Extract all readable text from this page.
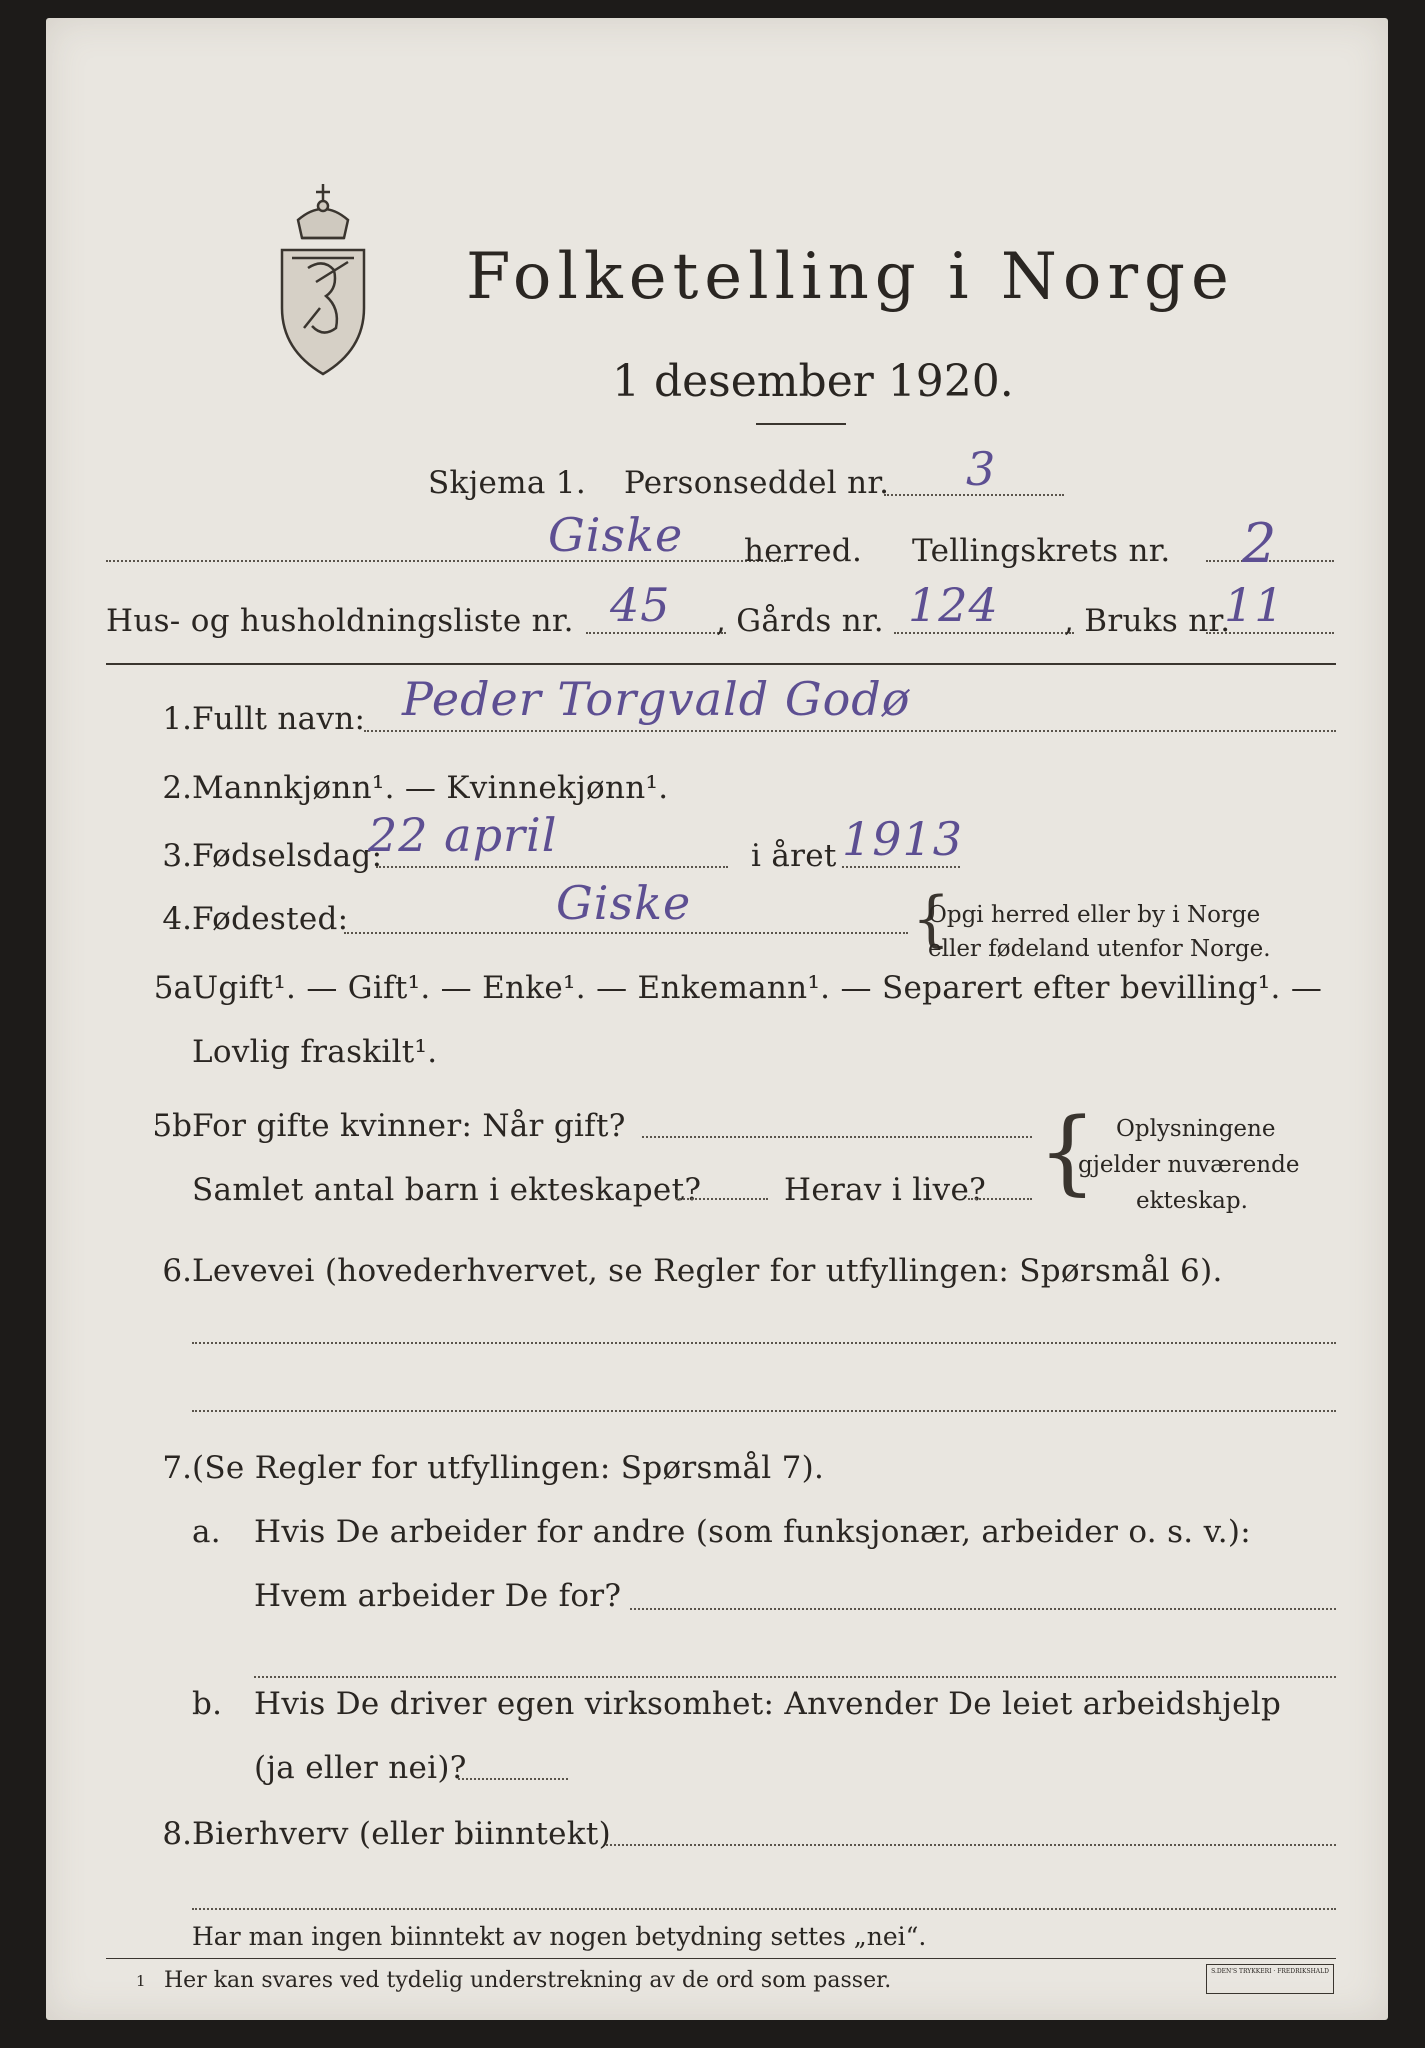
Folketelling i Norge
1 desember 1920.
Skjema 1. Personseddel nr. 3
Giske herred. Tellingskrets nr. 2
Hus- og husholdningsliste nr. 45 , Gårds nr. 124 , Bruks nr.
11
1. Fullt navn: Peder Torgvald Godø
2. Mannkjønn¹. — Kvinnekjønn¹.
3. Fødselsdag:
22 april	i året 1913
4. Fødested:	Giske	{
Opgi herred eller by i Norge
eller fødeland utenfor Norge.
5a Ugift¹. — Gift¹. — Enke¹. — Enkemann¹. — Separert efter bevilling¹. —
Lovlig fraskilt¹.
5b For gifte kvinner: Når gift?
Samlet antal barn i ekteskapet?	Herav i live? { Oplysningene
gjelder nuværende
ekteskap.
6. Levevei (hovederhvervet, se Regler for utfyllingen: Spørsmål 6).
7. (Se Regler for utfyllingen: Spørsmål 7).
a. Hvis De arbeider for andre (som funksjonær, arbeider o. s. v.):
Hvem arbeider De for?
b. Hvis De driver egen virksomhet: Anvender De leiet arbeidshjelp
(ja eller nei)?
8. Bierhverv (eller biinntekt)
Har man ingen biinntekt av nogen betydning settes „nei“.
1 Her kan svares ved tydelig understrekning av de ord som passer.	S.DEN'S TRYKKERI · FREDRIKSHALD
